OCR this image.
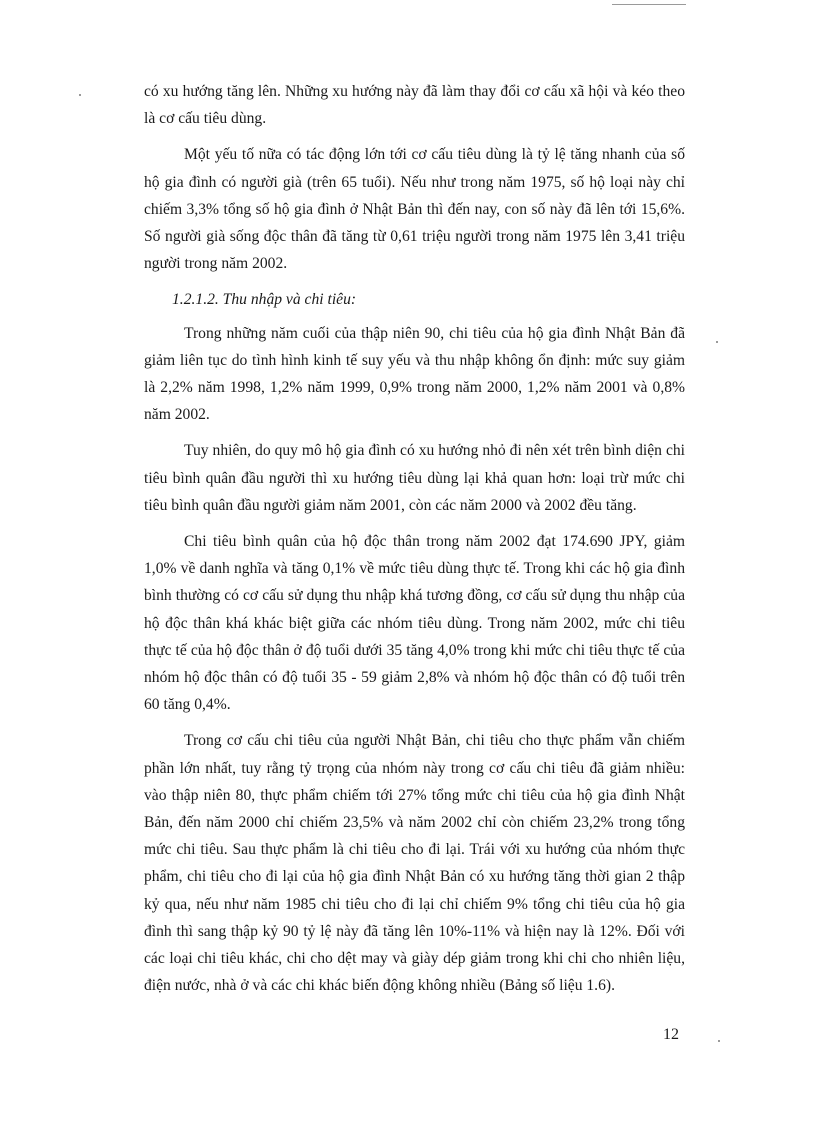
có xu hướng tăng lên. Những xu hướng này đã làm thay đổi cơ cấu xã hội và kéo theo là cơ cấu tiêu dùng.

Một yếu tố nữa có tác động lớn tới cơ cấu tiêu dùng là tỷ lệ tăng nhanh của số hộ gia đình có người già (trên 65 tuổi). Nếu như trong năm 1975, số hộ loại này chỉ chiếm 3,3% tổng số hộ gia đình ở Nhật Bản thì đến nay, con số này đã lên tới 15,6%. Số người già sống độc thân đã tăng từ 0,61 triệu người trong năm 1975 lên 3,41 triệu người trong năm 2002.

1.2.1.2. Thu nhập và chi tiêu:

Trong những năm cuối của thập niên 90, chi tiêu của hộ gia đình Nhật Bản đã giảm liên tục do tình hình kinh tế suy yếu và thu nhập không ổn định: mức suy giảm là 2,2% năm 1998, 1,2% năm 1999, 0,9% trong năm 2000, 1,2% năm 2001 và 0,8% năm 2002.

Tuy nhiên, do quy mô hộ gia đình có xu hướng nhỏ đi nên xét trên bình diện chi tiêu bình quân đầu người thì xu hướng tiêu dùng lại khả quan hơn: loại trừ mức chi tiêu bình quân đầu người giảm năm 2001, còn các năm 2000 và 2002 đều tăng.

Chi tiêu bình quân của hộ độc thân trong năm 2002 đạt 174.690 JPY, giảm 1,0% về danh nghĩa và tăng 0,1% về mức tiêu dùng thực tế. Trong khi các hộ gia đình bình thường có cơ cấu sử dụng thu nhập khá tương đồng, cơ cấu sử dụng thu nhập của hộ độc thân khá khác biệt giữa các nhóm tiêu dùng. Trong năm 2002, mức chi tiêu thực tế của hộ độc thân ở độ tuổi dưới 35 tăng 4,0% trong khi mức chi tiêu thực tế của nhóm hộ độc thân có độ tuổi 35 - 59 giảm 2,8% và nhóm hộ độc thân có độ tuổi trên 60 tăng 0,4%.

Trong cơ cấu chi tiêu của người Nhật Bản, chi tiêu cho thực phẩm vẫn chiếm phần lớn nhất, tuy rằng tỷ trọng của nhóm này trong cơ cấu chi tiêu đã giảm nhiều: vào thập niên 80, thực phẩm chiếm tới 27% tổng mức chi tiêu của hộ gia đình Nhật Bản, đến năm 2000 chỉ chiếm 23,5% và năm 2002 chỉ còn chiếm 23,2% trong tổng mức chi tiêu. Sau thực phẩm là chi tiêu cho đi lại. Trái với xu hướng của nhóm thực phẩm, chi tiêu cho đi lại của hộ gia đình Nhật Bản có xu hướng tăng thời gian 2 thập kỷ qua, nếu như năm 1985 chi tiêu cho đi lại chỉ chiếm 9% tổng chi tiêu của hộ gia đình thì sang thập kỷ 90 tỷ lệ này đã tăng lên 10%-11% và hiện nay là 12%. Đối với các loại chi tiêu khác, chi cho dệt may và giày dép giảm trong khi chi cho nhiên liệu, điện nước, nhà ở và các chi khác biến động không nhiều (Bảng số liệu 1.6).

12
